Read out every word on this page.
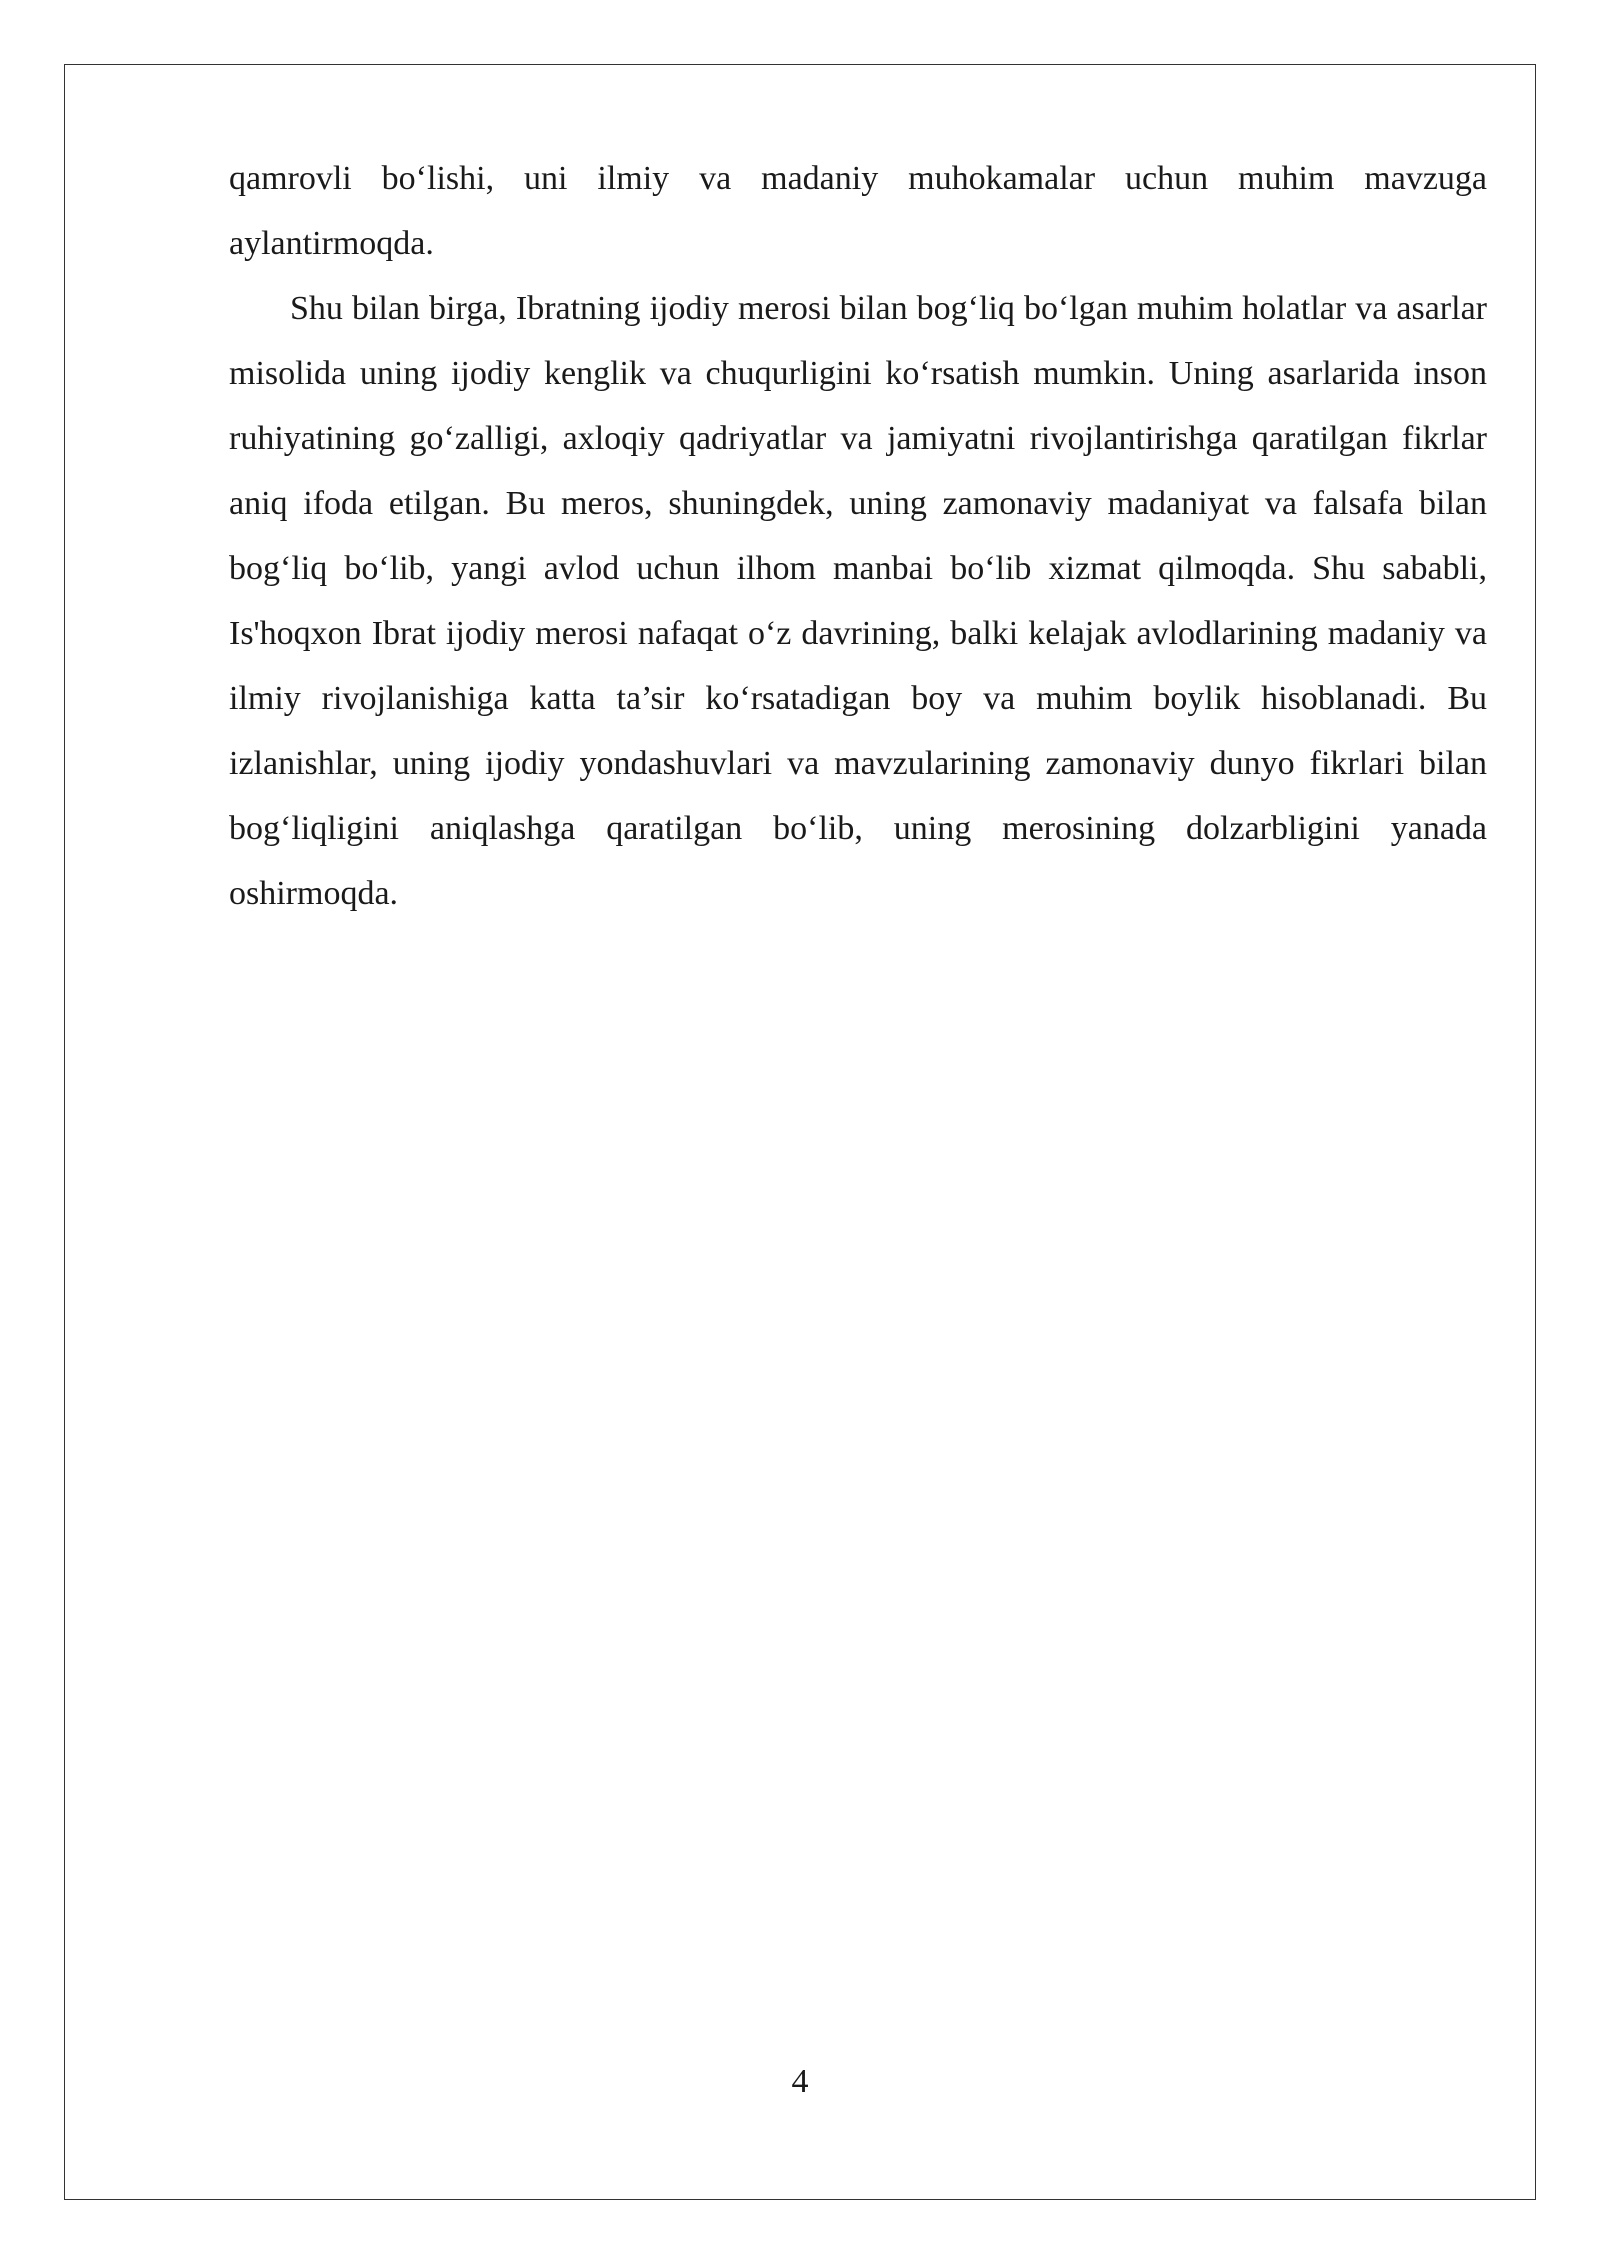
qamrovli bo‘lishi, uni ilmiy va madaniy muhokamalar uchun muhim mavzuga aylantirmoqda.

Shu bilan birga, Ibratning ijodiy merosi bilan bog‘liq bo‘lgan muhim holatlar va asarlar misolida uning ijodiy kenglik va chuqurligini ko‘rsatish mumkin. Uning asarlarida inson ruhiyatining go‘zalligi, axloqiy qadriyatlar va jamiyatni rivojlantirishga qaratilgan fikrlar aniq ifoda etilgan. Bu meros, shuningdek, uning zamonaviy madaniyat va falsafa bilan bog‘liq bo‘lib, yangi avlod uchun ilhom manbai bo‘lib xizmat qilmoqda. Shu sababli, Is'hoqxon Ibrat ijodiy merosi nafaqat o‘z davrining, balki kelajak avlodlarining madaniy va ilmiy rivojlanishiga katta ta’sir ko‘rsatadigan boy va muhim boylik hisoblanadi. Bu izlanishlar, uning ijodiy yondashuvlari va mavzularining zamonaviy dunyo fikrlari bilan bog‘liqligini aniqlashga qaratilgan bo‘lib, uning merosining dolzarbligini yanada oshirmoqda.

4
